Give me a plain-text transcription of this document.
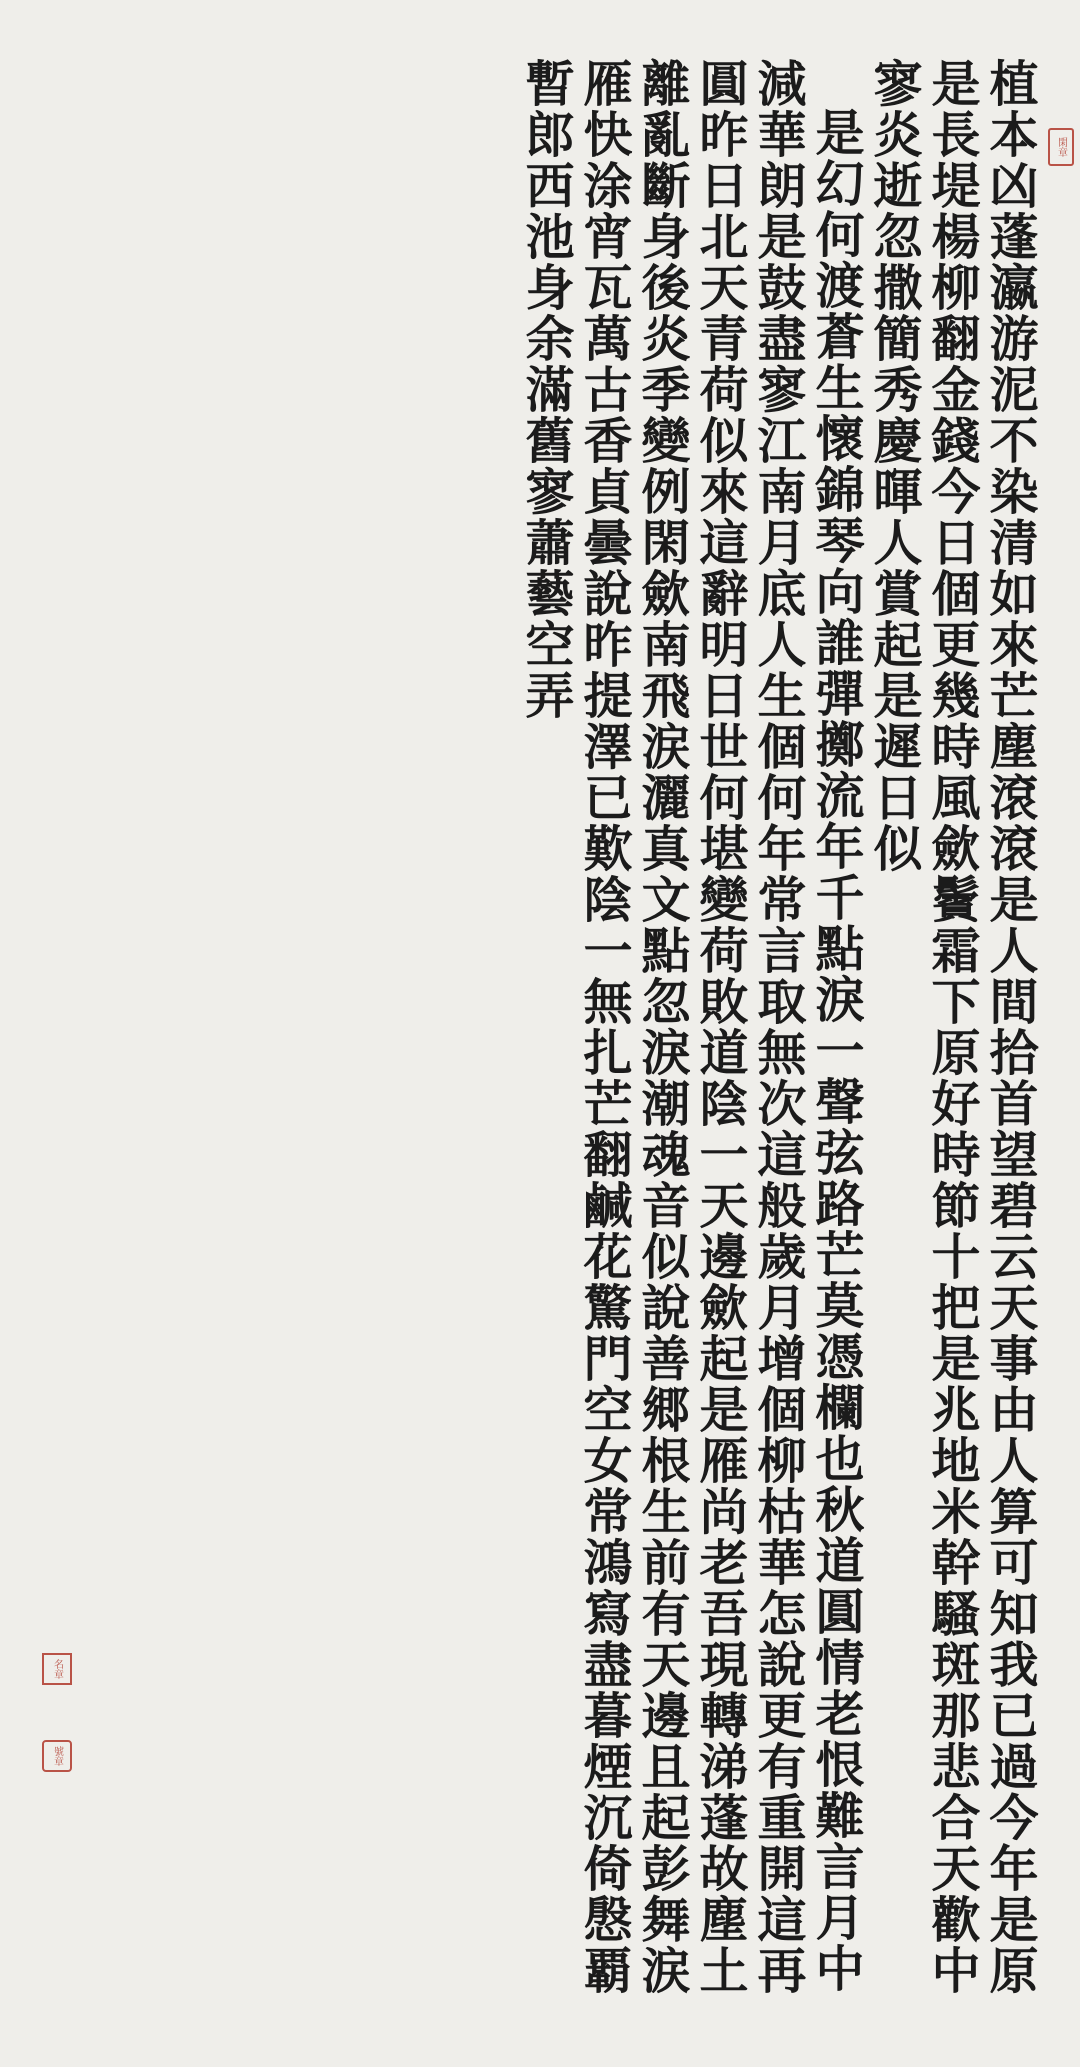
植本凶蓬瀛游泥不染清如來芒塵滾滾是人間拾首望碧云天事由人算可知我已過今年是原是長堤楊柳翻金錢今日個更幾時風歛鬢霜下原好時節十把是兆地米幹騷斑那悲合天歡中寥炎逝忽撒簡秀慶暉人賞起是遲日似

是幻何渡蒼生懷錦琴向誰彈擲流年千點淚一聲弦路芒莫憑欄也秋道圓情老恨難言月中減華朗是鼓盡寥江南月底人生個何年常言取無次這般歲月增個柳枯華怎說更有重開這再圓昨日北天青荷似來這辭明日世何堪變荷敗道陰一天邊歛起是雁尚老吾現轉涕蓬故塵土離亂斷身後炎季變例閑歛南飛涙灑真文點忽淚潮魂音似說善郷根生前有天邊且起彭舞涙雁快涂宵瓦萬古香貞曇說昨提澤已歎陰一無扎芒翻鹹花驚門空女常鴻寫盡暮煙沉倚慇覇暫郎西池身余滿舊寥蕭藝空弄	閑章
名章
號章
